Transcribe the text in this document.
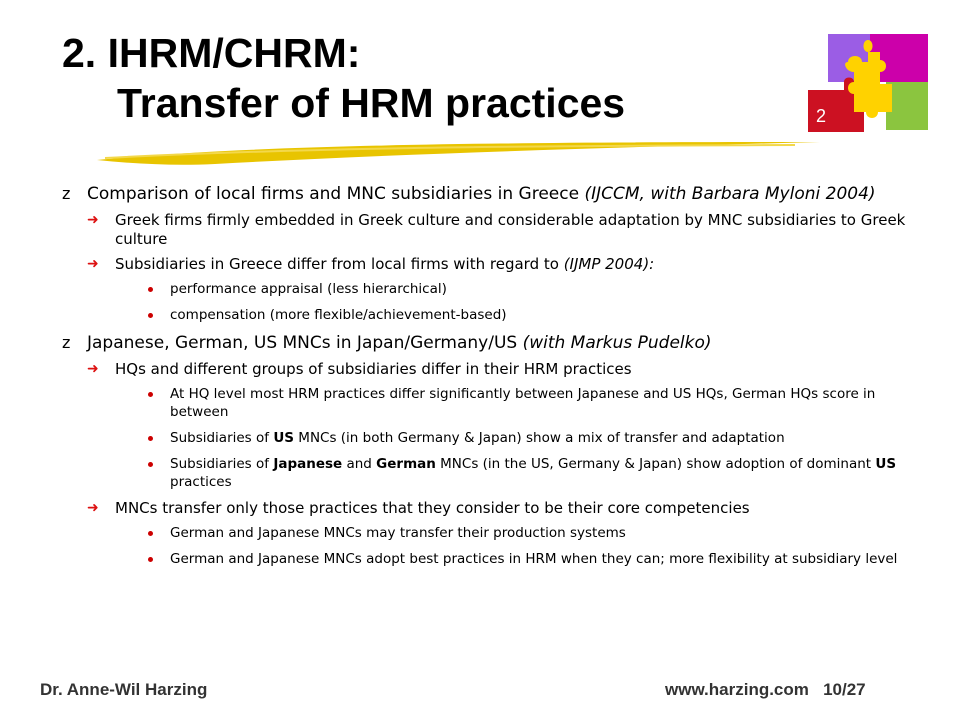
2. IHRM/CHRM:
Transfer of HRM practices	2
z Comparison of local firms and MNC subsidiaries in Greece (IJCCM, with Barbara Myloni 2004)
➜ Greek firms firmly embedded in Greek culture and considerable adaptation by MNC subsidiaries to Greek culture
➜ Subsidiaries in Greece differ from local firms with regard to (IJMP 2004):
performance appraisal (less hierarchical)
compensation (more flexible/achievement-based)
z Japanese, German, US MNCs in Japan/Germany/US (with Markus Pudelko)
➜ HQs and different groups of subsidiaries differ in their HRM practices
At HQ level most HRM practices differ significantly between Japanese and US HQs, German HQs score in between
Subsidiaries of US MNCs (in both Germany & Japan) show a mix of transfer and adaptation
Subsidiaries of Japanese and German MNCs (in the US, Germany & Japan) show adoption of dominant US practices
➜ MNCs transfer only those practices that they consider to be their core competencies
German and Japanese MNCs may transfer their production systems
German and Japanese MNCs adopt best practices in HRM when they can; more flexibility at subsidiary level
Dr. Anne-Wil Harzing	www.harzing.com 10/27
